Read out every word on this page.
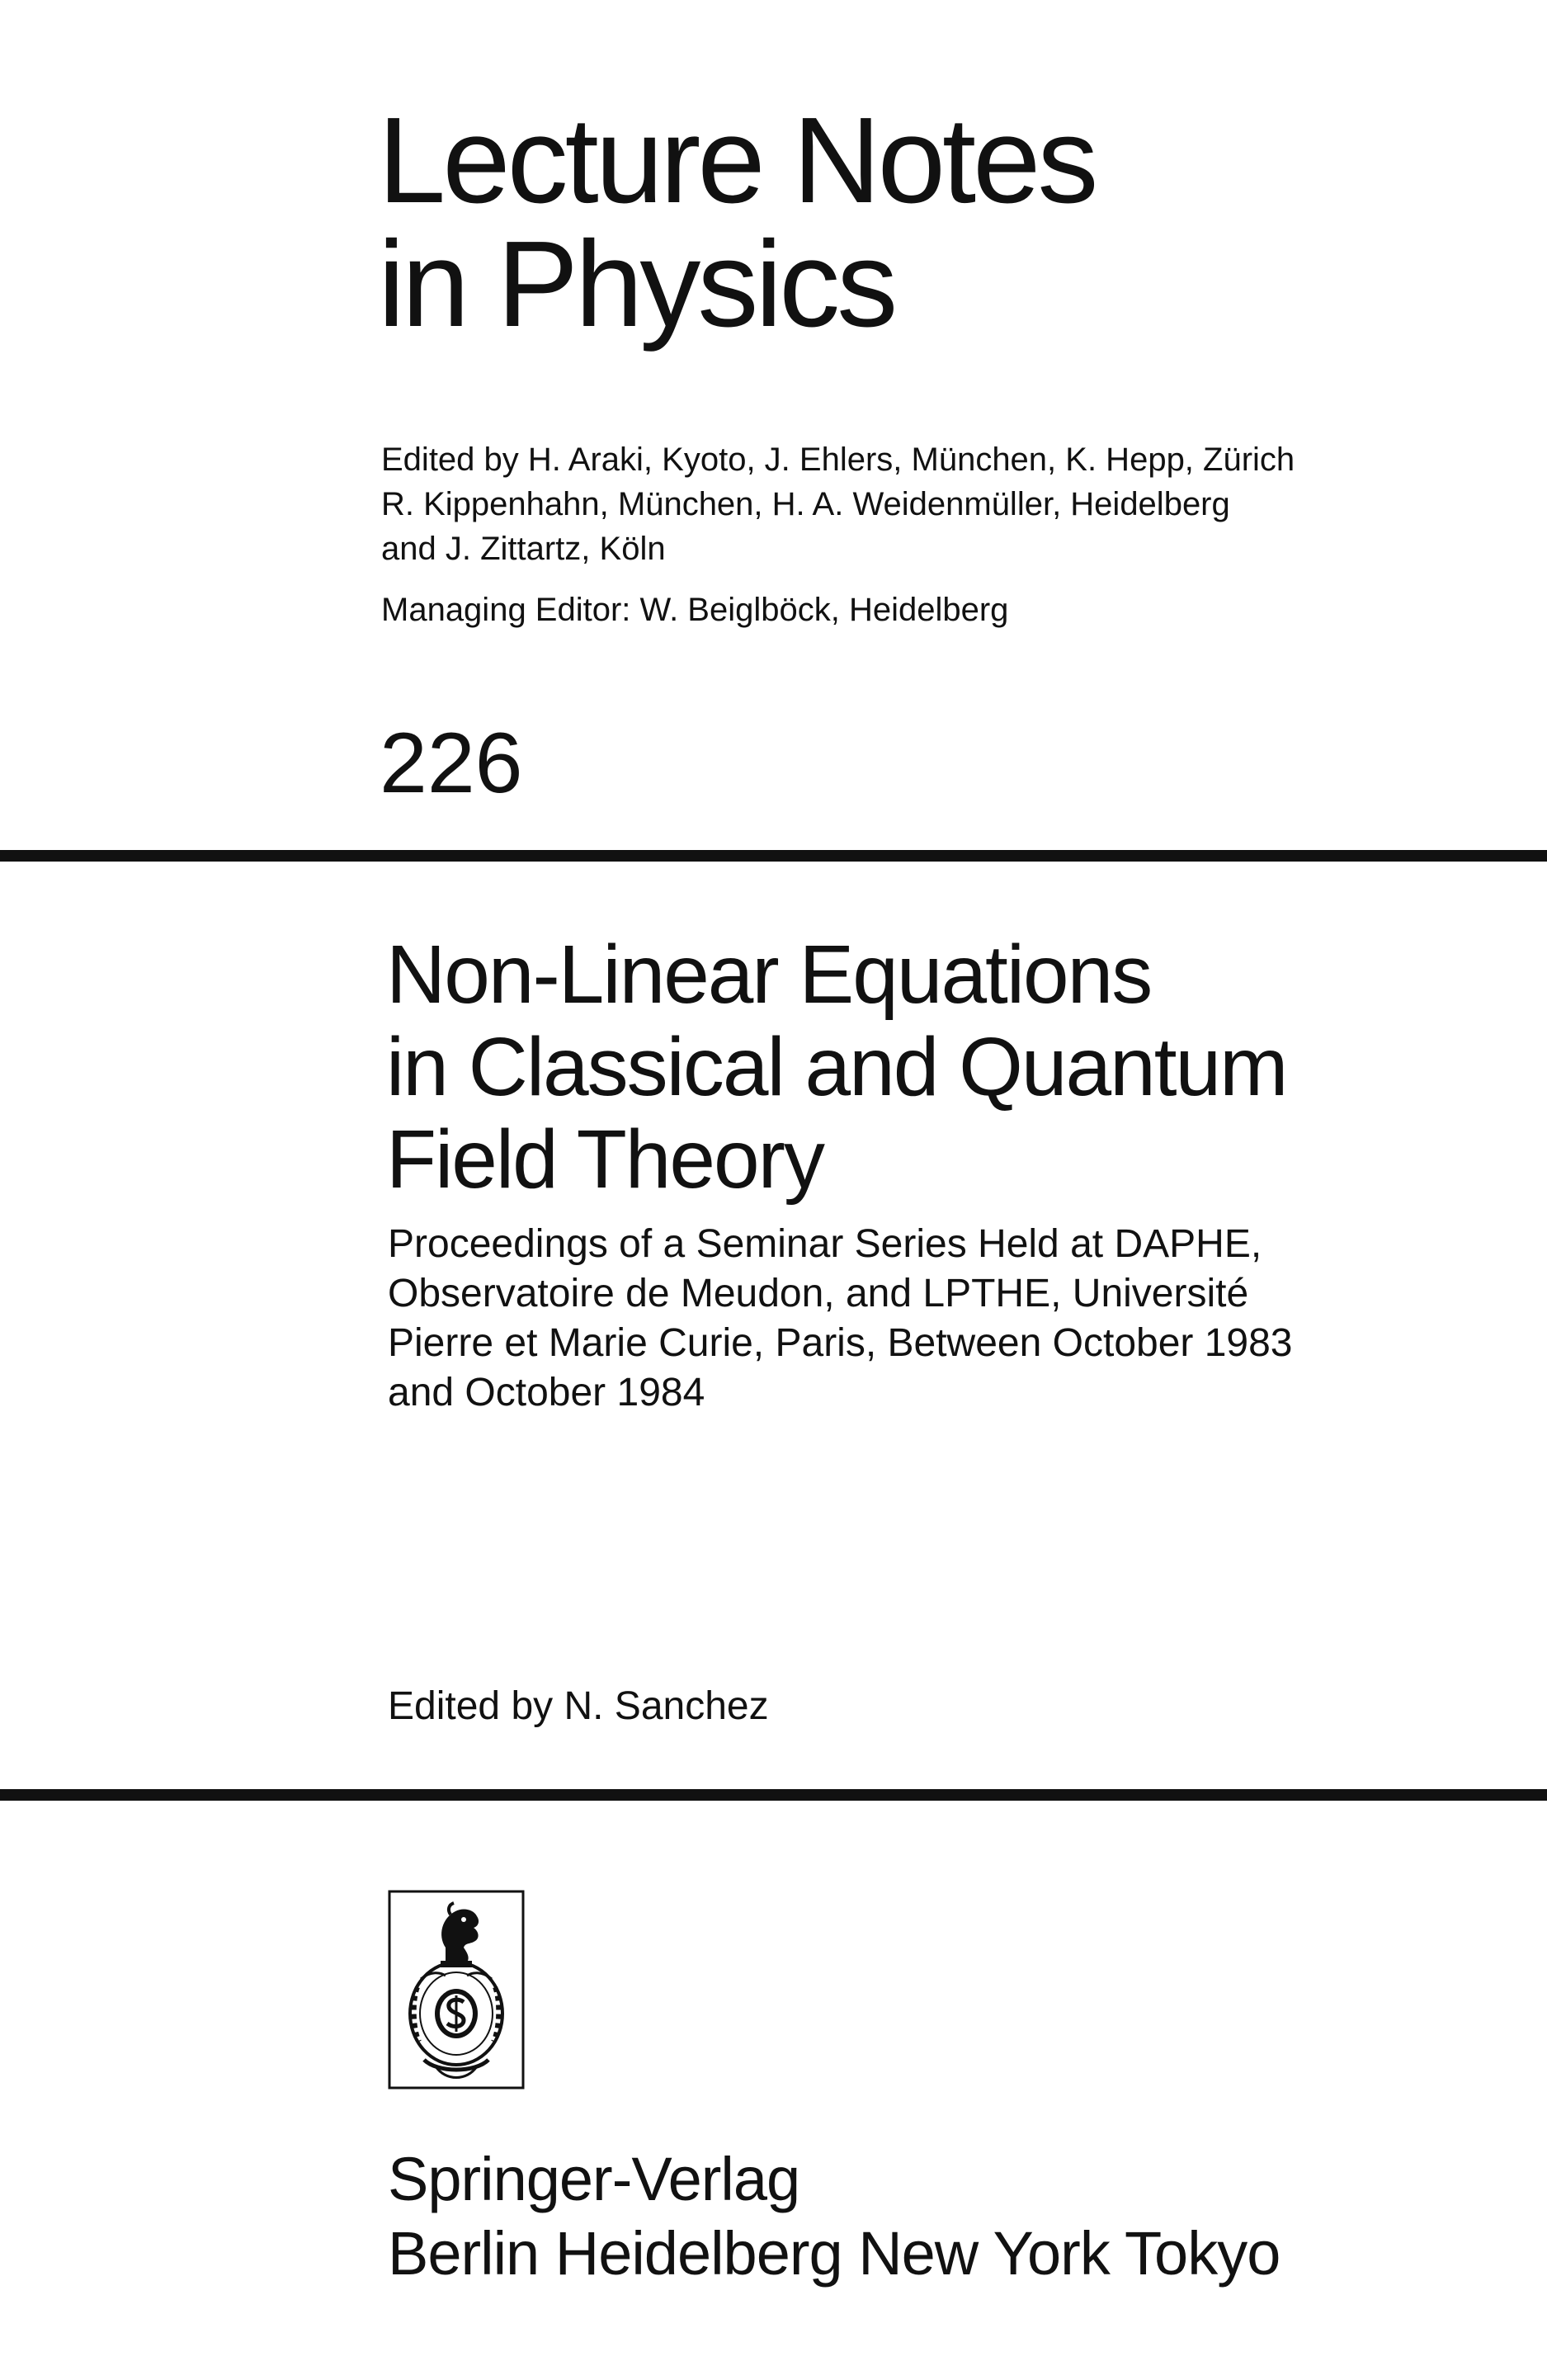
Lecture Notes
in Physics
Edited by H. Araki, Kyoto, J. Ehlers, München, K. Hepp, Zürich
R. Kippenhahn, München, H. A. Weidenmüller, Heidelberg
and J. Zittartz, Köln
Managing Editor: W. Beiglböck, Heidelberg
226
Non-Linear Equations
in Classical and Quantum
Field Theory
Proceedings of a Seminar Series Held at DAPHE,
Observatoire de Meudon, and LPTHE, Université
Pierre et Marie Curie, Paris, Between October 1983
and October 1984
Edited by N. Sanchez
Springer-Verlag
Berlin Heidelberg New York Tokyo
